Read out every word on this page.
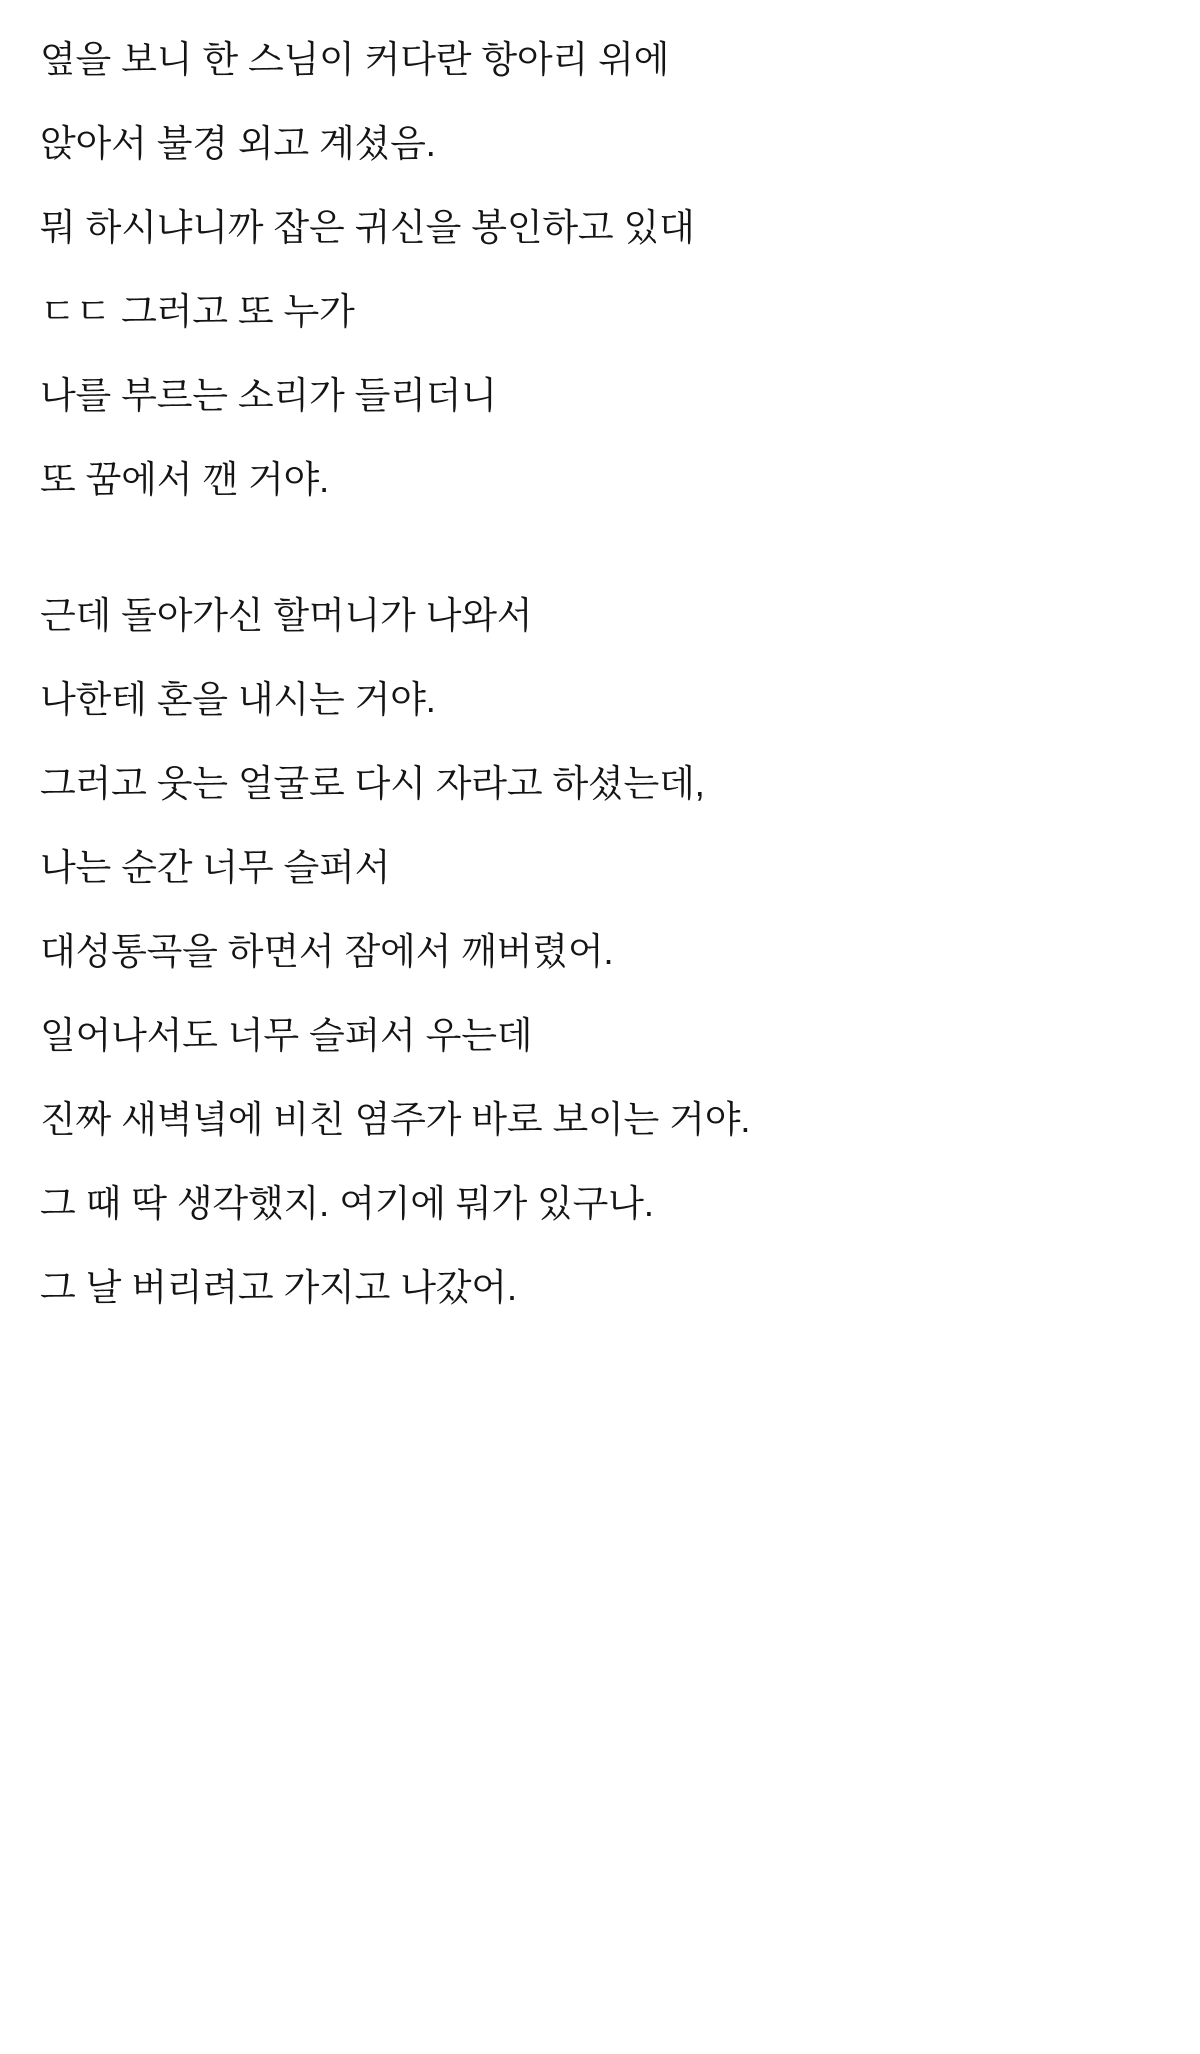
옆을 보니 한 스님이 커다란 항아리 위에

앉아서 불경 외고 계셨음.

뭐 하시냐니까 잡은 귀신을 봉인하고 있대

ㄷㄷ 그러고 또 누가

나를 부르는 소리가 들리더니

또 꿈에서 깬 거야.

근데 돌아가신 할머니가 나와서

나한테 혼을 내시는 거야.

그러고 웃는 얼굴로 다시 자라고 하셨는데,

나는 순간 너무 슬퍼서

대성통곡을 하면서 잠에서 깨버렸어.

일어나서도 너무 슬퍼서 우는데

진짜 새벽녘에 비친 염주가 바로 보이는 거야.

그 때 딱 생각했지. 여기에 뭐가 있구나.

그 날 버리려고 가지고 나갔어.
